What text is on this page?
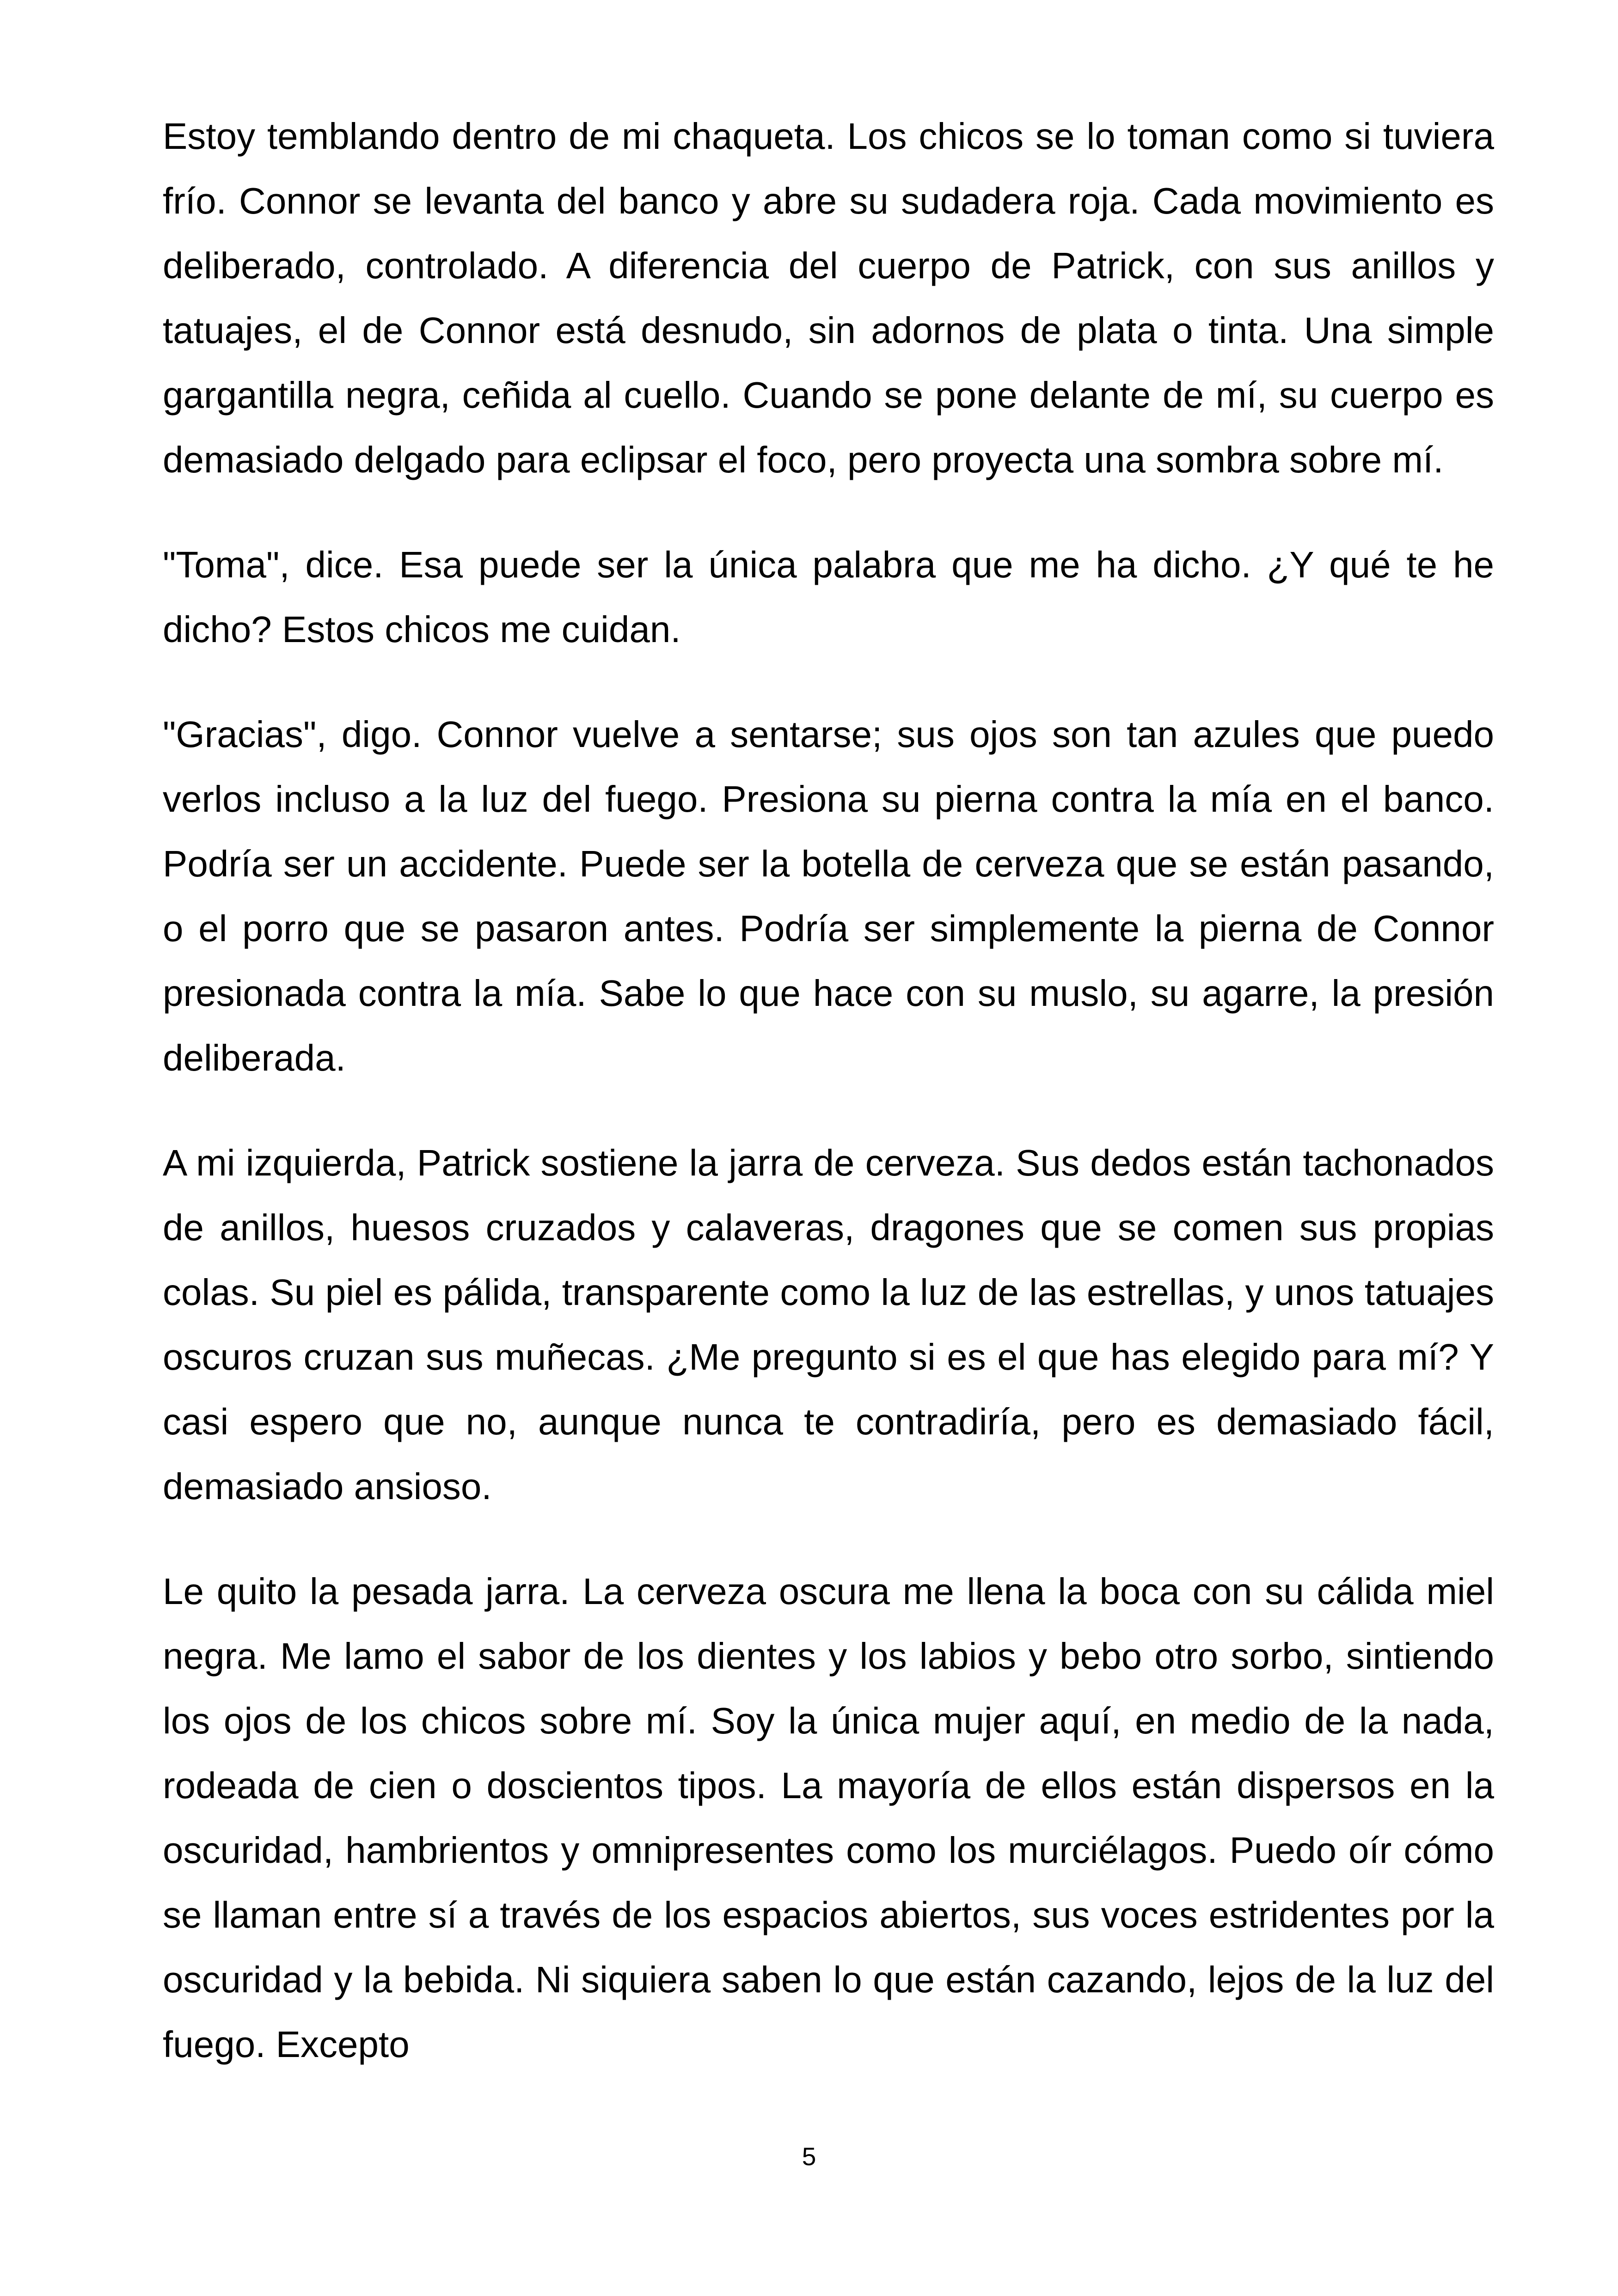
Estoy temblando dentro de mi chaqueta. Los chicos se lo toman como si tuviera frío. Connor se levanta del banco y abre su sudadera roja. Cada movimiento es deliberado, controlado. A diferencia del cuerpo de Patrick, con sus anillos y tatuajes, el de Connor está desnudo, sin adornos de plata o tinta. Una simple gargantilla negra, ceñida al cuello. Cuando se pone delante de mí, su cuerpo es demasiado delgado para eclipsar el foco, pero proyecta una sombra sobre mí.

"Toma", dice. Esa puede ser la única palabra que me ha dicho. ¿Y qué te he dicho? Estos chicos me cuidan.

"Gracias", digo. Connor vuelve a sentarse; sus ojos son tan azules que puedo verlos incluso a la luz del fuego. Presiona su pierna contra la mía en el banco. Podría ser un accidente. Puede ser la botella de cerveza que se están pasando, o el porro que se pasaron antes. Podría ser simplemente la pierna de Connor presionada contra la mía. Sabe lo que hace con su muslo, su agarre, la presión deliberada.

A mi izquierda, Patrick sostiene la jarra de cerveza. Sus dedos están tachonados de anillos, huesos cruzados y calaveras, dragones que se comen sus propias colas. Su piel es pálida, transparente como la luz de las estrellas, y unos tatuajes oscuros cruzan sus muñecas. ¿Me pregunto si es el que has elegido para mí? Y casi espero que no, aunque nunca te contradiría, pero es demasiado fácil, demasiado ansioso.

Le quito la pesada jarra. La cerveza oscura me llena la boca con su cálida miel negra. Me lamo el sabor de los dientes y los labios y bebo otro sorbo, sintiendo los ojos de los chicos sobre mí. Soy la única mujer aquí, en medio de la nada, rodeada de cien o doscientos tipos. La mayoría de ellos están dispersos en la oscuridad, hambrientos y omnipresentes como los murciélagos. Puedo oír cómo se llaman entre sí a través de los espacios abiertos, sus voces estridentes por la oscuridad y la bebida. Ni siquiera saben lo que están cazando, lejos de la luz del fuego. Excepto

5
